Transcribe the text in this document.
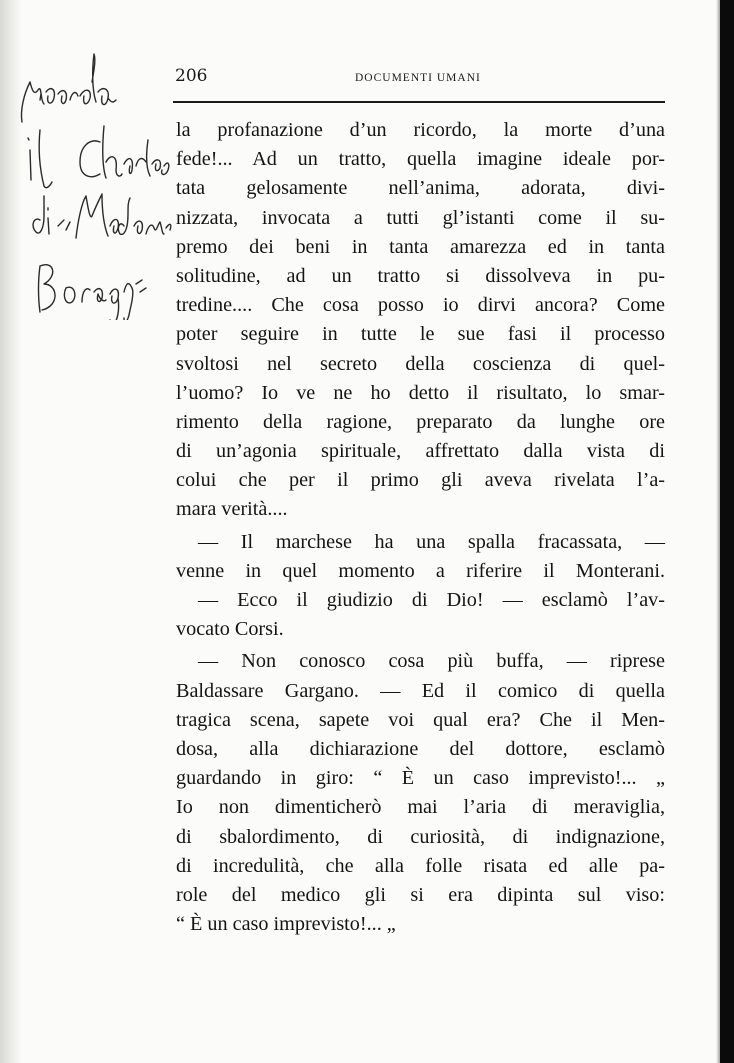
206	DOCUMENTI UMANI
la profanazione d’un ricordo, la morte d’una
fede!... Ad un tratto, quella imagine ideale por-
tata gelosamente nell’anima, adorata, divi-
nizzata, invocata a tutti gl’istanti come il su-
premo dei beni in tanta amarezza ed in tanta
solitudine, ad un tratto si dissolveva in pu-
tredine.... Che cosa posso io dirvi ancora? Come
poter seguire in tutte le sue fasi il processo
svoltosi nel secreto della coscienza di quel-
l’uomo? Io ve ne ho detto il risultato, lo smar-
rimento della ragione, preparato da lunghe ore
di un’agonia spirituale, affrettato dalla vista di
colui che per il primo gli aveva rivelata l’a-
mara verità....
— Il marchese ha una spalla fracassata, —
venne in quel momento a riferire il Monterani.
— Ecco il giudizio di Dio! — esclamò l’av-
vocato Corsi.
— Non conosco cosa più buffa, — riprese
Baldassare Gargano. — Ed il comico di quella
tragica scena, sapete voi qual era? Che il Men-
dosa, alla dichiarazione del dottore, esclamò
guardando in giro: “ È un caso imprevisto!... „
Io non dimenticherò mai l’aria di meraviglia,
di sbalordimento, di curiosità, di indignazione,
di incredulità, che alla folle risata ed alle pa-
role del medico gli si era dipinta sul viso:
“ È un caso imprevisto!... „
